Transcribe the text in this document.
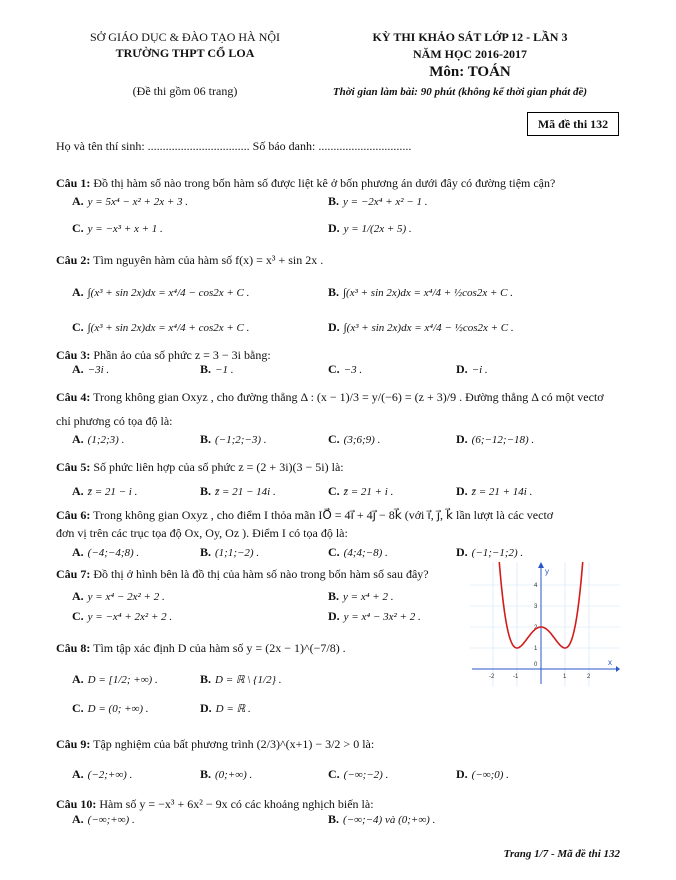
SỞ GIÁO DỤC & ĐÀO TẠO HÀ NỘI
TRƯỜNG THPT CỔ LOA
(Đề thi gồm 06 trang)
KỲ THI KHẢO SÁT LỚP 12 - LẦN 3
NĂM HỌC 2016-2017
Môn: TOÁN
Thời gian làm bài: 90 phút (không kể thời gian phát đề)
Mã đề thi 132
Họ và tên thí sinh: .................................. Số báo danh: ...............................
Câu 1: Đồ thị hàm số nào trong bốn hàm số được liệt kê ở bốn phương án dưới đây có đường tiệm cận?
A. y = 5x⁴ − x² + 2x + 3 .	B. y = −2x⁴ + x² − 1 .
C. y = −x³ + x + 1 .	D. y = 1/(2x + 5) .
Câu 2: Tìm nguyên hàm của hàm số f(x) = x³ + sin 2x .
A. ∫(x³ + sin 2x)dx = x⁴/4 − cos2x + C .	B. ∫(x³ + sin 2x)dx = x⁴/4 + ½cos2x + C .
C. ∫(x³ + sin 2x)dx = x⁴/4 + cos2x + C .	D. ∫(x³ + sin 2x)dx = x⁴/4 − ½cos2x + C .
Câu 3: Phần ảo của số phức z = 3 − 3i bằng:
A. −3i .	B. −1 .	C. −3 .	D. −i .
Câu 4: Trong không gian Oxyz , cho đường thẳng Δ : (x − 1)/3 = y/(−6) = (z + 3)/9 . Đường thẳng Δ có một vectơ
chỉ phương có tọa độ là:
A. (1;2;3) .	B. (−1;2;−3) .	C. (3;6;9) .	D. (6;−12;−18) .
Câu 5: Số phức liên hợp của số phức z = (2 + 3i)(3 − 5i) là:
A. z̄ = 21 − i .	B. z̄ = 21 − 14i .	C. z̄ = 21 + i .	D. z̄ = 21 + 14i .
Câu 6: Trong không gian Oxyz , cho điểm I thỏa mãn IO⃗ = 4i⃗ + 4j⃗ − 8k⃗ (với i⃗, j⃗, k⃗ lần lượt là các vectơ
đơn vị trên các trục tọa độ Ox, Oy, Oz ). Điểm I có tọa độ là:
A. (−4;−4;8) .	B. (1;1;−2) .	C. (4;4;−8) .	D. (−1;−1;2) .
Câu 7: Đồ thị ở hình bên là đồ thị của hàm số nào trong bốn hàm số sau đây?
A. y = x⁴ − 2x² + 2 .	B. y = x⁴ + 2 .
C. y = −x⁴ + 2x² + 2 .	D. y = x⁴ − 3x² + 2 .
x
y
-2	-1	1	2
0
1
2
3
4
Câu 8: Tìm tập xác định D của hàm số y = (2x − 1)^(−7/8) .
A. D = [1/2; +∞) .	B. D = ℝ \ {1/2} .
C. D = (0; +∞) .	D. D = ℝ .
Câu 9: Tập nghiệm của bất phương trình (2/3)^(x+1) − 3/2 > 0 là:
A. (−2;+∞) .	B. (0;+∞) .	C. (−∞;−2) .	D. (−∞;0) .
Câu 10: Hàm số y = −x³ + 6x² − 9x có các khoảng nghịch biến là:
A. (−∞;+∞) .	B. (−∞;−4) và (0;+∞) .
Trang 1/7 - Mã đề thi 132
